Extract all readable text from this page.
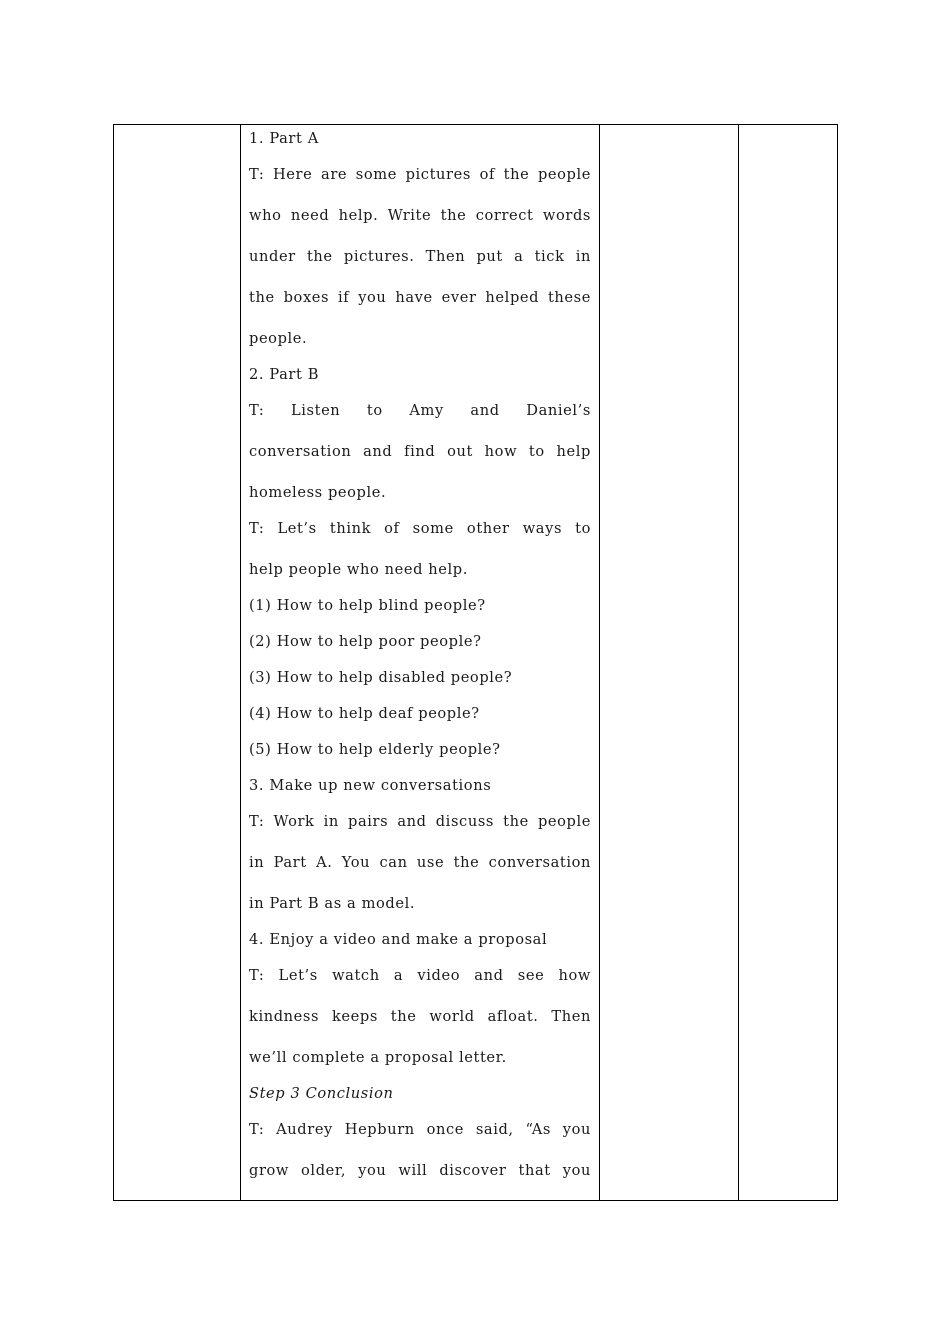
1. Part A
T: Here are some pictures of the people
who need help. Write the correct words
under the pictures. Then put a tick in
the boxes if you have ever helped these
people.
2. Part B
T: Listen to Amy and Daniel’s
conversation and find out how to help
homeless people.
T: Let’s think of some other ways to
help people who need help.
(1) How to help blind people?
(2) How to help poor people?
(3) How to help disabled people?
(4) How to help deaf people?
(5) How to help elderly people?
3. Make up new conversations
T: Work in pairs and discuss the people
in Part A. You can use the conversation
in Part B as a model.
4. Enjoy a video and make a proposal
T: Let’s watch a video and see how
kindness keeps the world afloat. Then
we’ll complete a proposal letter.
Step 3 Conclusion
T: Audrey Hepburn once said, “As you
grow older, you will discover that you
